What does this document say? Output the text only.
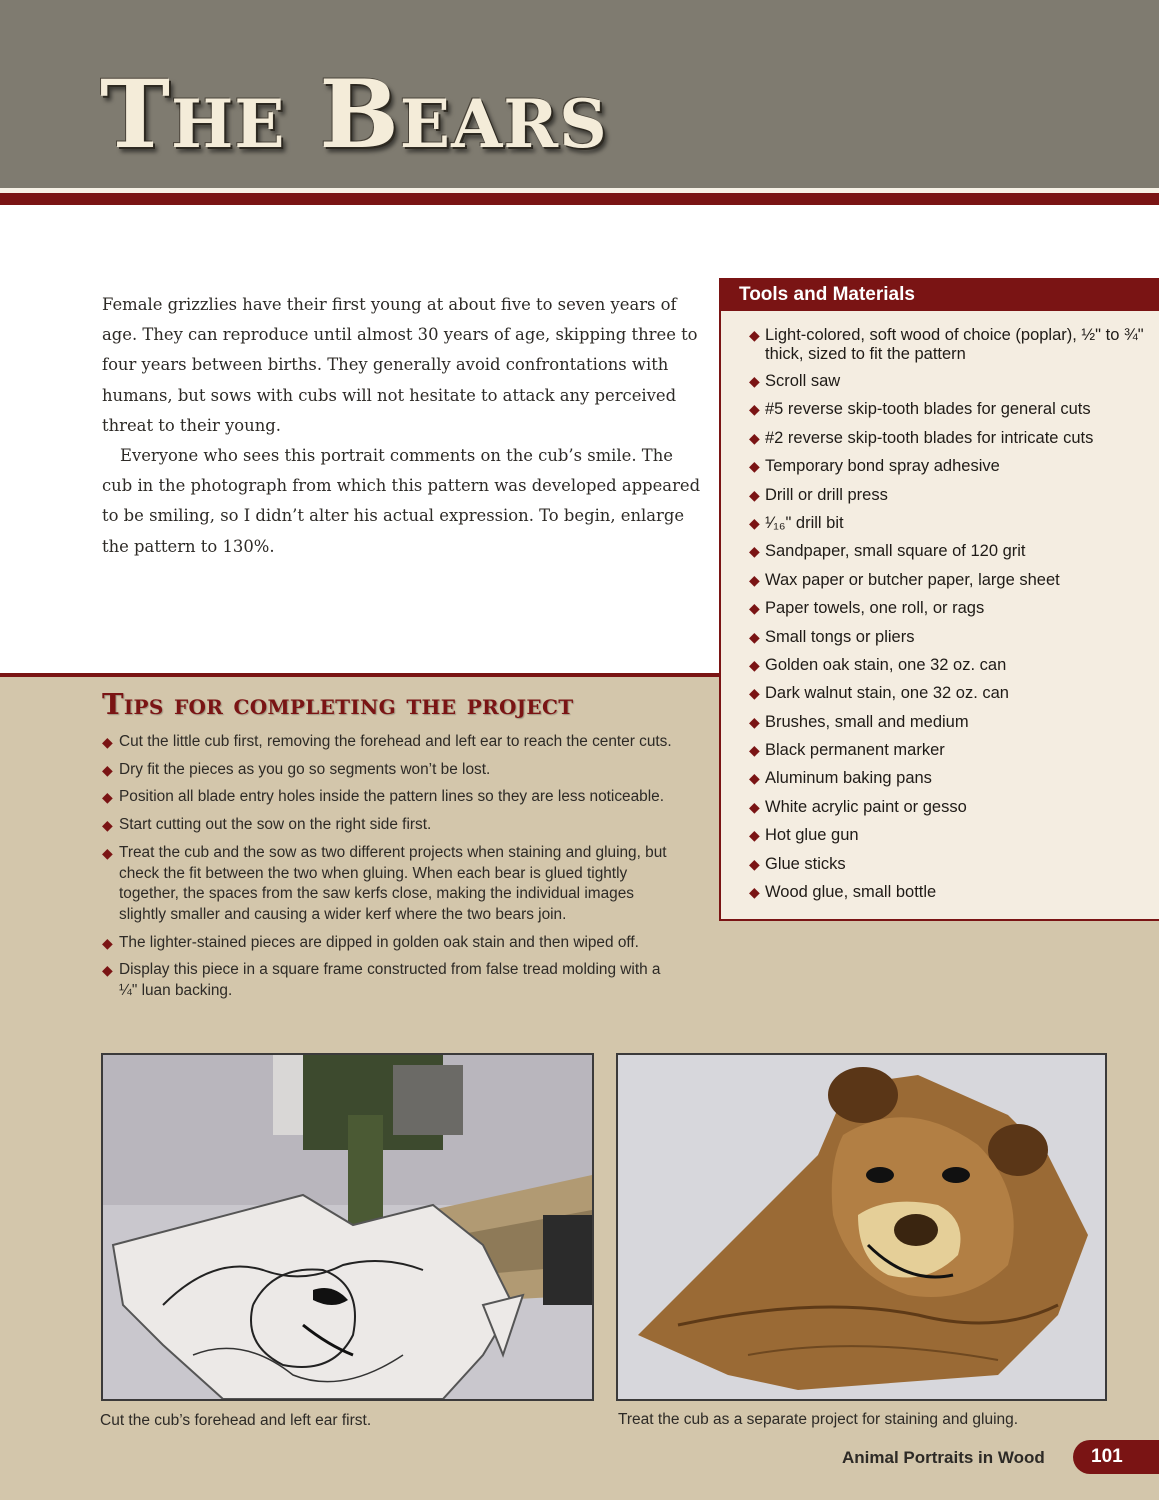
The Bears

Female grizzlies have their first young at about five to seven years of age. They can reproduce until almost 30 years of age, skipping three to four years between births. They generally avoid confrontations with humans, but sows with cubs will not hesitate to attack any perceived threat to their young.

Everyone who sees this portrait comments on the cub’s smile. The cub in the photograph from which this pattern was developed appeared to be smiling, so I didn’t alter his actual expression. To begin, enlarge the pattern to 130%.

Tools and Materials
◆ Light-colored, soft wood of choice (poplar), ½" to ¾" thick, sized to fit the pattern
◆ Scroll saw
◆ #5 reverse skip-tooth blades for general cuts
◆ #2 reverse skip-tooth blades for intricate cuts
◆ Temporary bond spray adhesive
◆ Drill or drill press
◆ ¹⁄₁₆" drill bit
◆ Sandpaper, small square of 120 grit
◆ Wax paper or butcher paper, large sheet
◆ Paper towels, one roll, or rags
◆ Small tongs or pliers
◆ Golden oak stain, one 32 oz. can
◆ Dark walnut stain, one 32 oz. can
◆ Brushes, small and medium
◆ Black permanent marker
◆ Aluminum baking pans
◆ White acrylic paint or gesso
◆ Hot glue gun
◆ Glue sticks
◆ Wood glue, small bottle
Tips for completing the project
◆ Cut the little cub first, removing the forehead and left ear to reach the center cuts.
◆ Dry fit the pieces as you go so segments won’t be lost.
◆ Position all blade entry holes inside the pattern lines so they are less noticeable.
◆ Start cutting out the sow on the right side first.
◆ Treat the cub and the sow as two different projects when staining and gluing, but check the fit between the two when gluing. When each bear is glued tightly together, the spaces from the saw kerfs close, making the individual images slightly smaller and causing a wider kerf where the two bears join.
◆ The lighter-stained pieces are dipped in golden oak stain and then wiped off.
◆ Display this piece in a square frame constructed from false tread molding with a ¼" luan backing.
Cut the cub’s forehead and left ear first.	Treat the cub as a separate project for staining and gluing.
Animal Portraits in Wood	101
